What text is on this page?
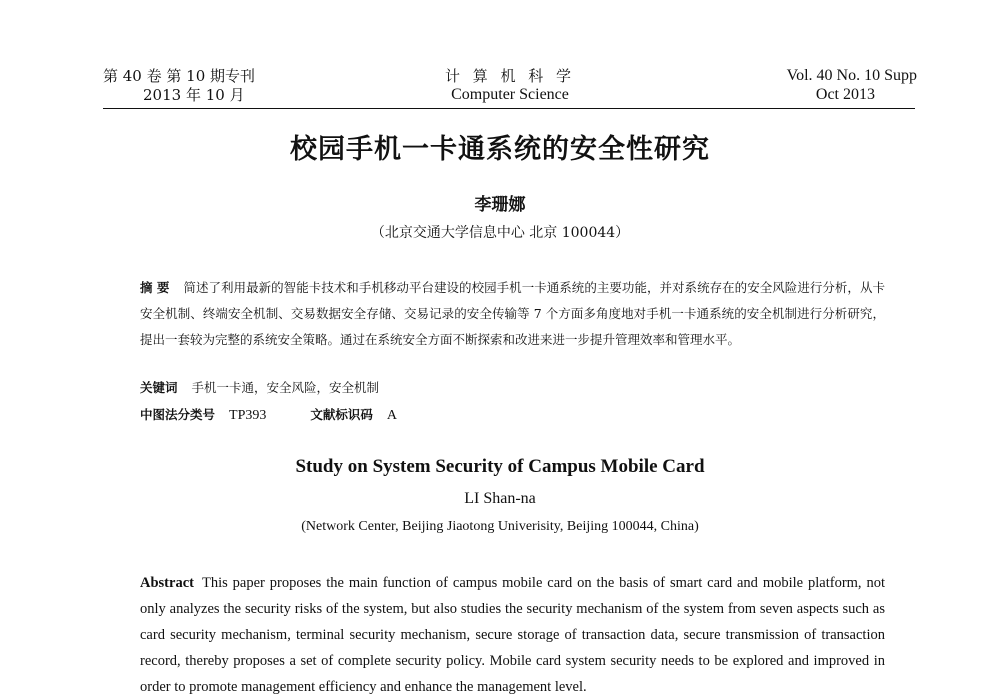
第 40 卷 第 10 期专刊
2013 年 10 月
计 算 机 科 学
Computer Science
Vol. 40 No. 10 Supp
Oct 2013
校园手机一卡通系统的安全性研究
李珊娜
（北京交通大学信息中心 北京 100044）
摘 要 简述了利用最新的智能卡技术和手机移动平台建设的校园手机一卡通系统的主要功能，并对系统存在的安全风险进行分析，从卡安全机制、终端安全机制、交易数据安全存储、交易记录的安全传输等 7 个方面多角度地对手机一卡通系统的安全机制进行分析研究，提出一套较为完整的系统安全策略。通过在系统安全方面不断探索和改进来进一步提升管理效率和管理水平。
关键词 手机一卡通，安全风险，安全机制
中图法分类号 TP393	文献标识码 A
Study on System Security of Campus Mobile Card
LI Shan-na
(Network Center, Beijing Jiaotong Univerisity, Beijing 100044, China)
Abstract This paper proposes the main function of campus mobile card on the basis of smart card and mobile platform, not only analyzes the security risks of the system, but also studies the security mechanism of the system from seven aspects such as card security mechanism, terminal security mechanism, secure storage of transaction data, secure transmission of transaction record, thereby proposes a set of complete security policy. Mobile card system security needs to be explored and improved in order to promote management efficiency and enhance the management level.
